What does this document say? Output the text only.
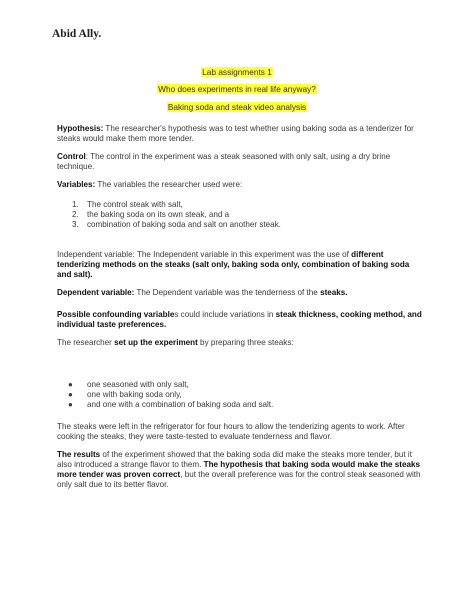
Abid Ally.

Lab assignments 1

Who does experiments in real life anyway?

Baking soda and steak video analysis

Hypothesis: The researcher's hypothesis was to test whether using baking soda as a tenderizer for steaks would make them more tender.

Control: The control in the experiment was a steak seasoned with only salt, using a dry brine technique.

Variables: The variables the researcher used were:

1. The control steak with salt,
2. the baking soda on its own steak, and a
3. combination of baking soda and salt on another steak.

Independent variable: The Independent variable in this experiment was the use of different tenderizing methods on the steaks (salt only, baking soda only, combination of baking soda and salt).

Dependent variable: The Dependent variable was the tenderness of the steaks.

Possible confounding variables could include variations in steak thickness, cooking method, and individual taste preferences.

The researcher set up the experiment by preparing three steaks:

● one seasoned with only salt,
● one with baking soda only,
● and one with a combination of baking soda and salt.

The steaks were left in the refrigerator for four hours to allow the tenderizing agents to work. After cooking the steaks, they were taste-tested to evaluate tenderness and flavor.

The results of the experiment showed that the baking soda did make the steaks more tender, but it also introduced a strange flavor to them. The hypothesis that baking soda would make the steaks more tender was proven correct, but the overall preference was for the control steak seasoned with only salt due to its better flavor.
